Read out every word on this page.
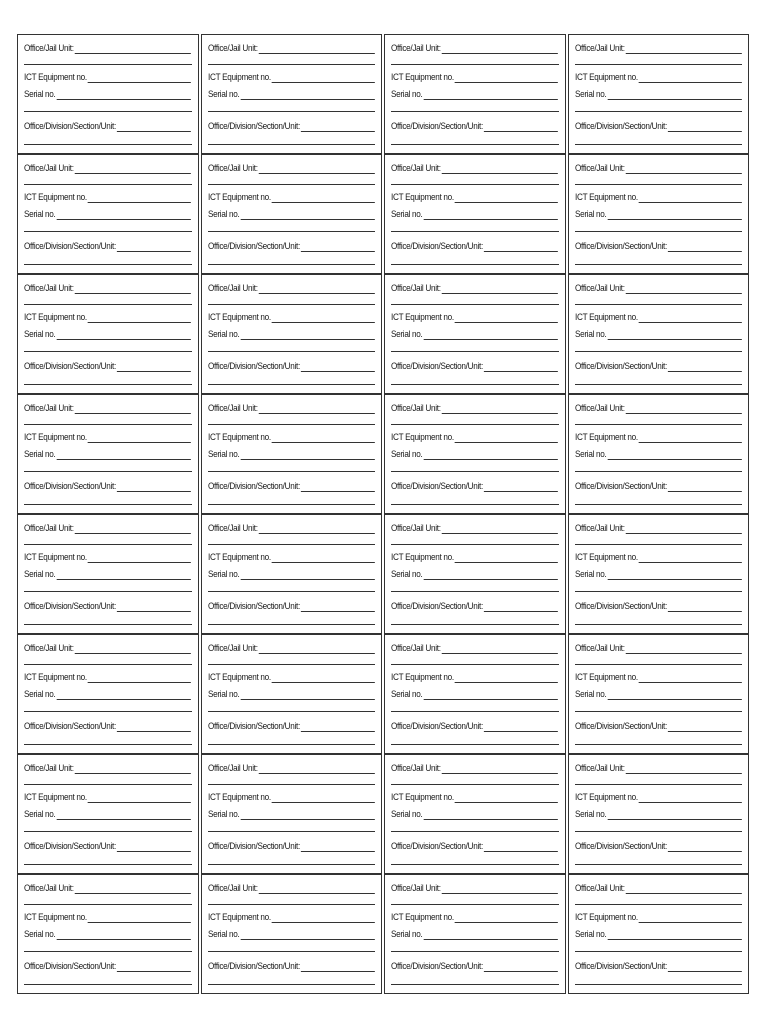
Office/Jail Unit:
ICT Equipment no.
Serial no.
Office/Division/Section/Unit:
Office/Jail Unit:
ICT Equipment no.
Serial no.
Office/Division/Section/Unit:
Office/Jail Unit:
ICT Equipment no.
Serial no.
Office/Division/Section/Unit:
Office/Jail Unit:
ICT Equipment no.
Serial no.
Office/Division/Section/Unit:
Office/Jail Unit:
ICT Equipment no.
Serial no.
Office/Division/Section/Unit:
Office/Jail Unit:
ICT Equipment no.
Serial no.
Office/Division/Section/Unit:
Office/Jail Unit:
ICT Equipment no.
Serial no.
Office/Division/Section/Unit:
Office/Jail Unit:
ICT Equipment no.
Serial no.
Office/Division/Section/Unit:
Office/Jail Unit:
ICT Equipment no.
Serial no.
Office/Division/Section/Unit:
Office/Jail Unit:
ICT Equipment no.
Serial no.
Office/Division/Section/Unit:
Office/Jail Unit:
ICT Equipment no.
Serial no.
Office/Division/Section/Unit:
Office/Jail Unit:
ICT Equipment no.
Serial no.
Office/Division/Section/Unit:
Office/Jail Unit:
ICT Equipment no.
Serial no.
Office/Division/Section/Unit:
Office/Jail Unit:
ICT Equipment no.
Serial no.
Office/Division/Section/Unit:
Office/Jail Unit:
ICT Equipment no.
Serial no.
Office/Division/Section/Unit:
Office/Jail Unit:
ICT Equipment no.
Serial no.
Office/Division/Section/Unit:
Office/Jail Unit:
ICT Equipment no.
Serial no.
Office/Division/Section/Unit:
Office/Jail Unit:
ICT Equipment no.
Serial no.
Office/Division/Section/Unit:
Office/Jail Unit:
ICT Equipment no.
Serial no.
Office/Division/Section/Unit:
Office/Jail Unit:
ICT Equipment no.
Serial no.
Office/Division/Section/Unit:
Office/Jail Unit:
ICT Equipment no.
Serial no.
Office/Division/Section/Unit:
Office/Jail Unit:
ICT Equipment no.
Serial no.
Office/Division/Section/Unit:
Office/Jail Unit:
ICT Equipment no.
Serial no.
Office/Division/Section/Unit:
Office/Jail Unit:
ICT Equipment no.
Serial no.
Office/Division/Section/Unit:
Office/Jail Unit:
ICT Equipment no.
Serial no.
Office/Division/Section/Unit:
Office/Jail Unit:
ICT Equipment no.
Serial no.
Office/Division/Section/Unit:
Office/Jail Unit:
ICT Equipment no.
Serial no.
Office/Division/Section/Unit:
Office/Jail Unit:
ICT Equipment no.
Serial no.
Office/Division/Section/Unit:
Office/Jail Unit:
ICT Equipment no.
Serial no.
Office/Division/Section/Unit:
Office/Jail Unit:
ICT Equipment no.
Serial no.
Office/Division/Section/Unit:
Office/Jail Unit:
ICT Equipment no.
Serial no.
Office/Division/Section/Unit:
Office/Jail Unit:
ICT Equipment no.
Serial no.
Office/Division/Section/Unit:
